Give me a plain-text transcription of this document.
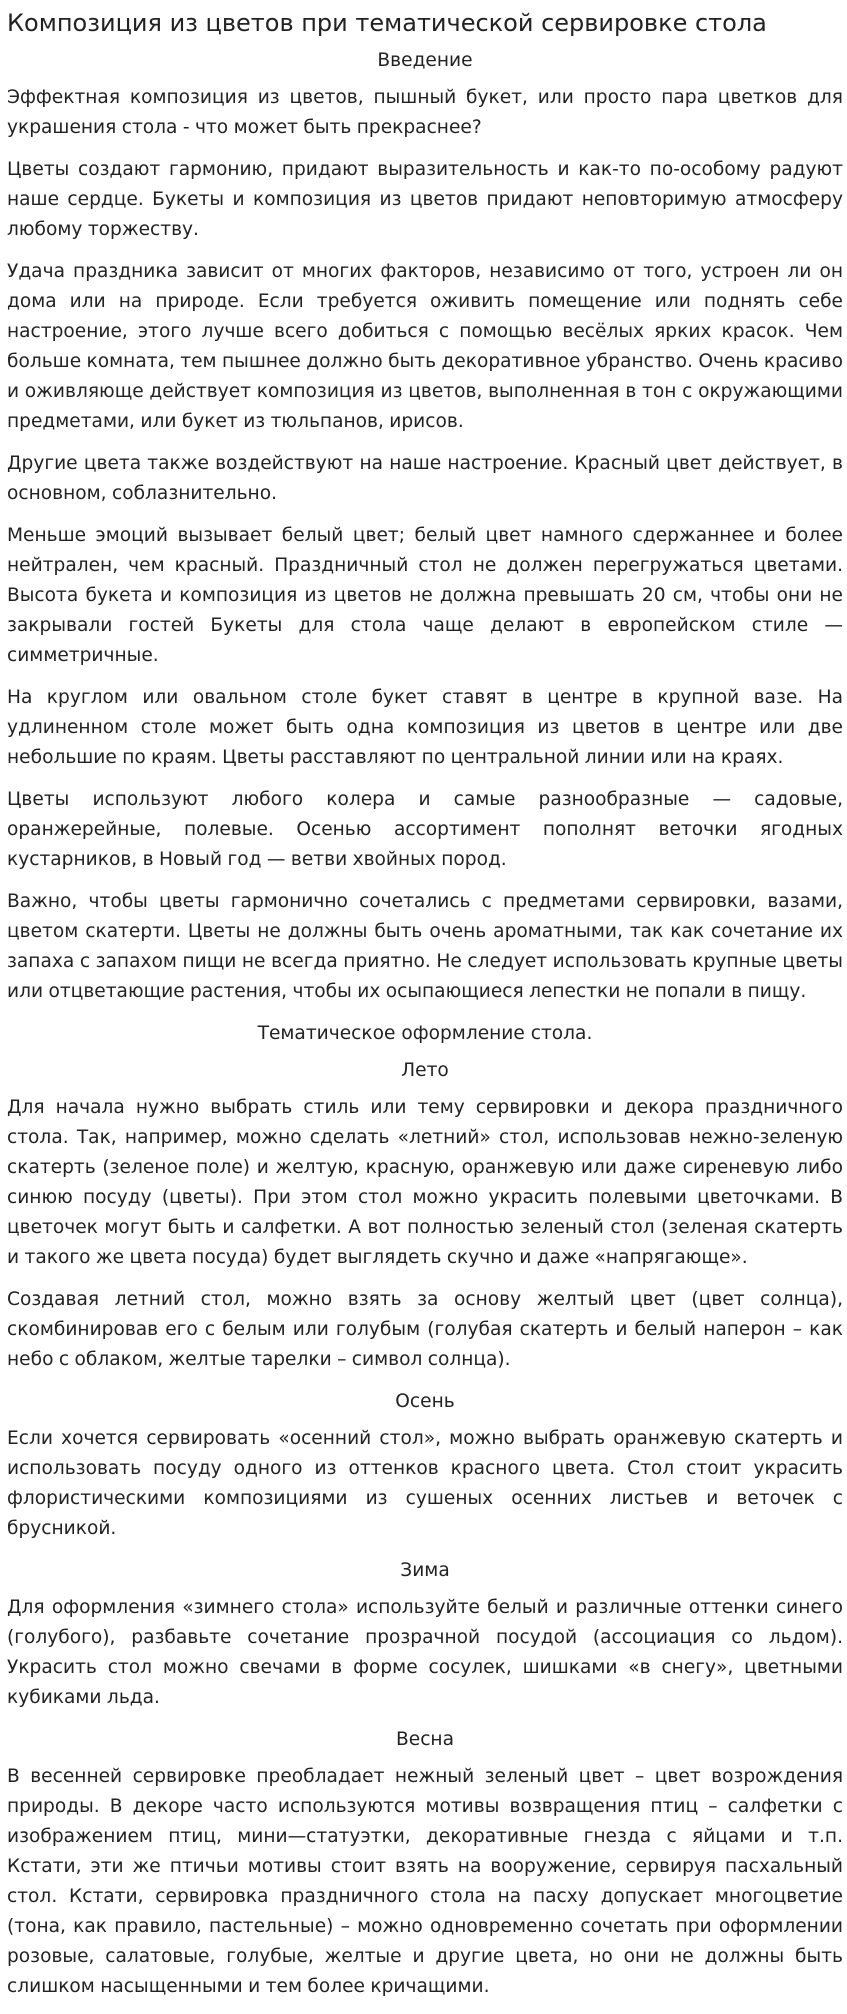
Композиция из цветов при тематической сервировке стола
Введение

Эффектная композиция из цветов, пышный букет, или просто пара цветков для украшения стола - что может быть прекраснее?

Цветы создают гармонию, придают выразительность и как-то по-особому радуют наше сердце. Букеты и композиция из цветов придают неповторимую атмосферу любому торжеству.

Удача праздника зависит от многих факторов, независимо от того, устроен ли он дома или на природе. Если требуется оживить помещение или поднять себе настроение, этого лучше всего добиться с помощью весёлых ярких красок. Чем больше комната, тем пышнее должно быть декоративное убранство. Очень красиво и оживляюще действует композиция из цветов, выполненная в тон с окружающими предметами, или букет из тюльпанов, ирисов.

Другие цвета также воздействуют на наше настроение. Красный цвет действует, в основном, соблазнительно.

Меньше эмоций вызывает белый цвет; белый цвет намного сдержаннее и более нейтрален, чем красный. Праздничный стол не должен перегружаться цветами. Высота букета и композиция из цветов не должна превышать 20 см, чтобы они не закрывали гостей Букеты для стола чаще делают в европейском стиле — симметричные.

На круглом или овальном столе букет ставят в центре в крупной вазе. На удлиненном столе может быть одна композиция из цветов в центре или две небольшие по краям. Цветы расставляют по центральной линии или на краях.

Цветы используют любого колера и самые разнообразные — садовые, оранжерейные, полевые. Осенью ассортимент пополнят веточки ягодных кустарников, в Новый год — ветви хвойных пород.

Важно, чтобы цветы гармонично сочетались с предметами сервировки, вазами, цветом скатерти. Цветы не должны быть очень ароматными, так как сочетание их запаха с запахом пищи не всегда приятно. Не следует использовать крупные цветы или отцветающие растения, чтобы их осыпающиеся лепестки не попали в пищу.

Тематическое оформление стола.
Лето

Для начала нужно выбрать стиль или тему сервировки и декора праздничного стола. Так, например, можно сделать «летний» стол, использовав нежно-зеленую скатерть (зеленое поле) и желтую, красную, оранжевую или даже сиреневую либо синюю посуду (цветы). При этом стол можно украсить полевыми цветочками. В цветочек могут быть и салфетки. А вот полностью зеленый стол (зеленая скатерть и такого же цвета посуда) будет выглядеть скучно и даже «напрягающе».

Создавая летний стол, можно взять за основу желтый цвет (цвет солнца), скомбинировав его с белым или голубым (голубая скатерть и белый наперон – как небо с облаком, желтые тарелки – символ солнца).

Осень

Если хочется сервировать «осенний стол», можно выбрать оранжевую скатерть и использовать посуду одного из оттенков красного цвета. Стол стоит украсить флористическими композициями из сушеных осенних листьев и веточек с брусникой.

Зима

Для оформления «зимнего стола» используйте белый и различные оттенки синего (голубого), разбавьте сочетание прозрачной посудой (ассоциация со льдом). Украсить стол можно свечами в форме сосулек, шишками «в снегу», цветными кубиками льда.

Весна

В весенней сервировке преобладает нежный зеленый цвет – цвет возрождения природы. В декоре часто используются мотивы возвращения птиц – салфетки с изображением птиц, мини—статуэтки, декоративные гнезда с яйцами и т.п. Кстати, эти же птичьи мотивы стоит взять на вооружение, сервируя пасхальный стол. Кстати, сервировка праздничного стола на пасху допускает многоцветие (тона, как правило, пастельные) – можно одновременно сочетать при оформлении розовые, салатовые, голубые, желтые и другие цвета, но они не должны быть слишком насыщенными и тем более кричащими.
